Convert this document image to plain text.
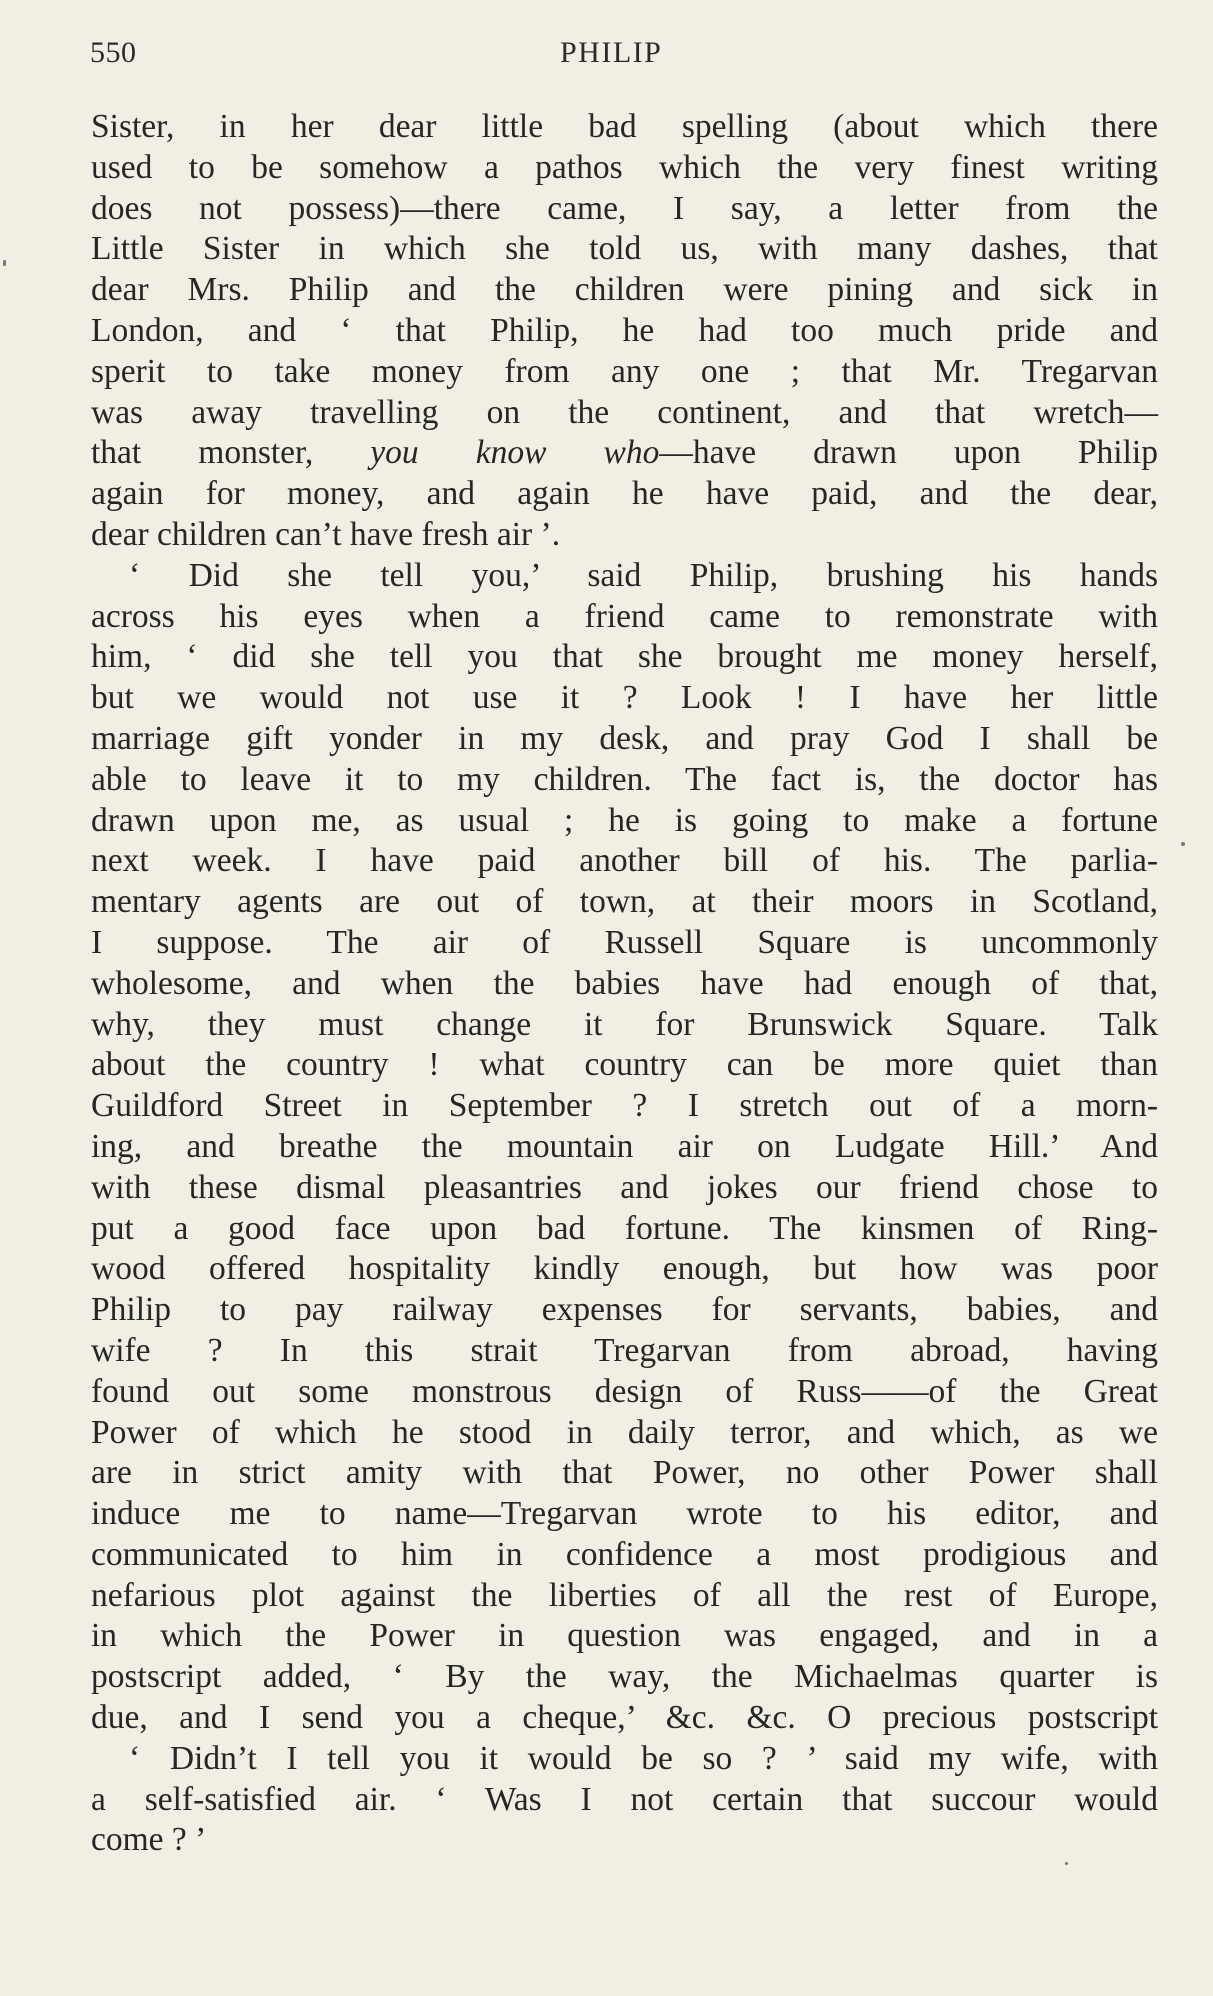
550	PHILIP
Sister, in her dear little bad spelling (about which there
used to be somehow a pathos which the very finest writing
does not possess)—there came, I say, a letter from the
Little Sister in which she told us, with many dashes, that
dear Mrs. Philip and the children were pining and sick in
London, and ‘ that Philip, he had too much pride and
sperit to take money from any one ; that Mr. Tregarvan
was away travelling on the continent, and that wretch—
that monster, you know who—have drawn upon Philip
again for money, and again he have paid, and the dear,
dear children can’t have fresh air ’.
‘ Did she tell you,’ said Philip, brushing his hands
across his eyes when a friend came to remonstrate with
him, ‘ did she tell you that she brought me money herself,
but we would not use it ? Look ! I have her little
marriage gift yonder in my desk, and pray God I shall be
able to leave it to my children. The fact is, the doctor has
drawn upon me, as usual ; he is going to make a fortune
next week. I have paid another bill of his. The parlia-
mentary agents are out of town, at their moors in Scotland,
I suppose. The air of Russell Square is uncommonly
wholesome, and when the babies have had enough of that,
why, they must change it for Brunswick Square. Talk
about the country ! what country can be more quiet than
Guildford Street in September ? I stretch out of a morn-
ing, and breathe the mountain air on Ludgate Hill.’ And
with these dismal pleasantries and jokes our friend chose to
put a good face upon bad fortune. The kinsmen of Ring-
wood offered hospitality kindly enough, but how was poor
Philip to pay railway expenses for servants, babies, and
wife ? In this strait Tregarvan from abroad, having
found out some monstrous design of Russ——of the Great
Power of which he stood in daily terror, and which, as we
are in strict amity with that Power, no other Power shall
induce me to name—Tregarvan wrote to his editor, and
communicated to him in confidence a most prodigious and
nefarious plot against the liberties of all the rest of Europe,
in which the Power in question was engaged, and in a
postscript added, ‘ By the way, the Michaelmas quarter is
due, and I send you a cheque,’ &c. &c. O precious postscript
‘ Didn’t I tell you it would be so ? ’ said my wife, with
a self-satisfied air. ‘ Was I not certain that succour would
come ? ’
